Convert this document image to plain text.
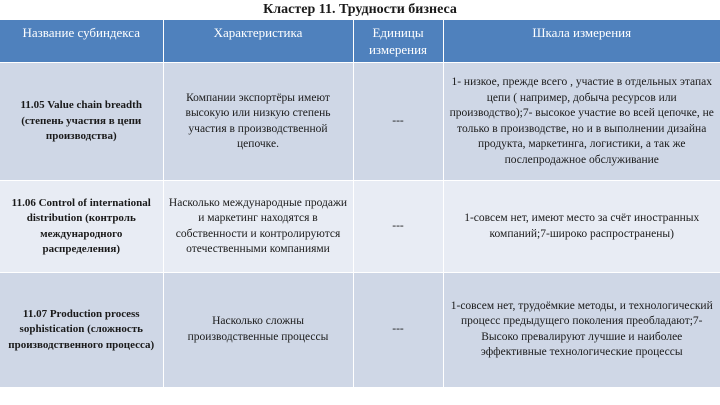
Кластер 11. Трудности бизнеса
Название субиндекса	Характеристика	Единицы измерения	Шкала измерения
11.05 Value chain breadth (степень участия в цепи производства)	Компании экспортёры имеют высокую или низкую степень участия в производственной цепочке.	---	1- низкое, прежде всего , участие в отдельных этапах цепи ( например, добыча ресурсов или производство);7- высокое участие во всей цепочке, не только в производстве, но и в выполнении дизайна продукта, маркетинга, логистики, а так же послепродажное обслуживание
11.06 Control of international distribution (контроль международного распределения)	Насколько международные продажи и маркетинг находятся в собственности и контролируются отечественными компаниями	---	1-совсем нет, имеют место за счёт иностранных компаний;7-широко распространены)
11.07 Production process sophistication (сложность производственного процесса)	Насколько сложны производственные процессы	---	1-совсем нет, трудоёмкие методы, и технологический процесс предыдущего поколения преобладают;7- Высоко превалируют лучшие и наиболее эффективные технологические процессы
